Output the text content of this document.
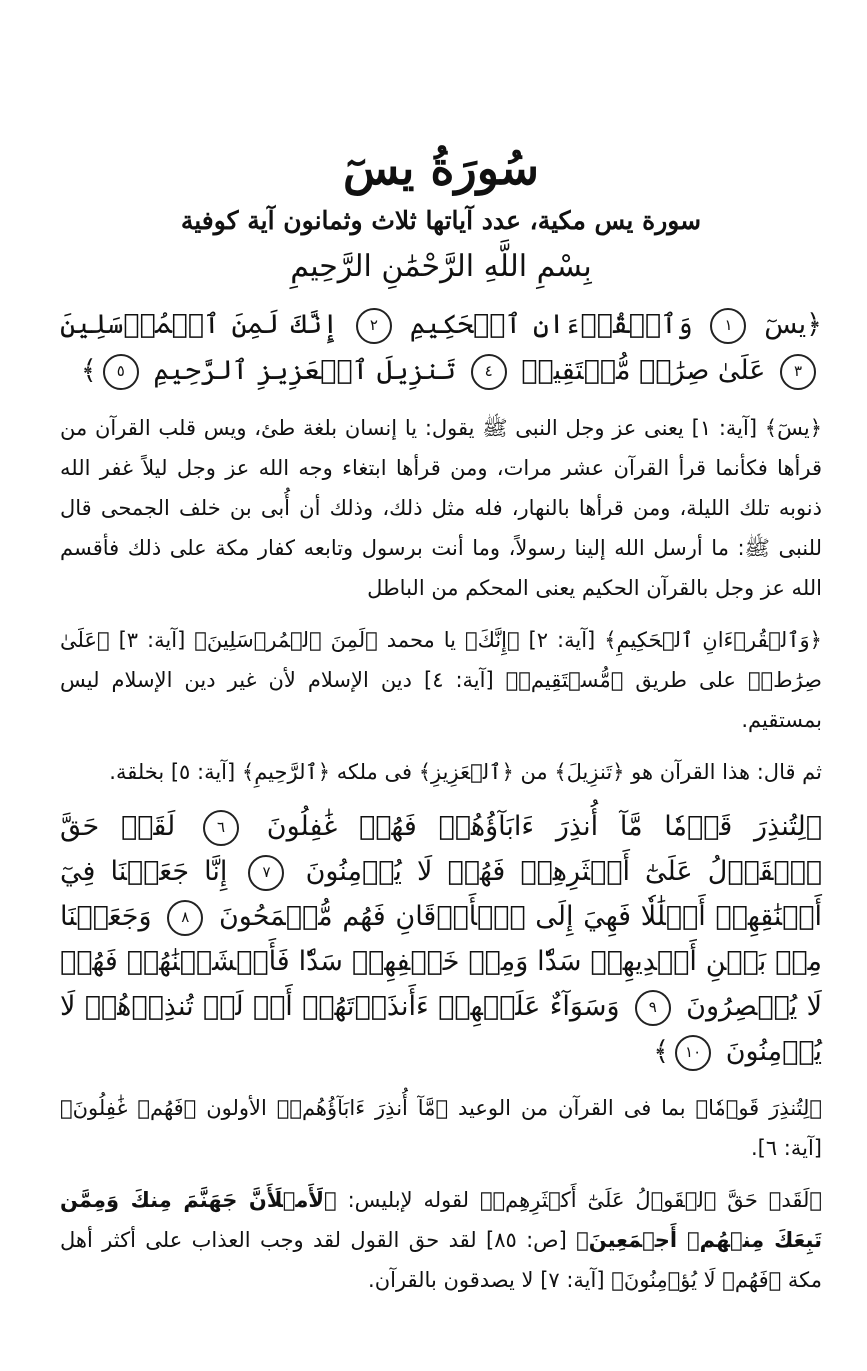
سُورَةُ يسٓ

سورة يس مكية، عدد آياتها ثلاث وثمانون آية كوفية

بِسْمِ اللَّهِ الرَّحْمَٰنِ الرَّحِيمِ

﴿يسٓ ١ وَٱلۡقُرۡءَانِ ٱلۡحَكِيمِ ٢ إِنَّكَ لَمِنَ ٱلۡمُرۡسَلِينَ ٣ عَلَىٰ صِرَٰطٖ مُّسۡتَقِيمٖ ٤ تَنزِيلَ ٱلۡعَزِيزِ ٱلرَّحِيمِ ٥﴾

﴿يسٓ﴾ [آية: ١] يعنى عز وجل النبى ﷺ يقول: يا إنسان بلغة طئ، ويس قلب القرآن من قرأها فكأنما قرأ القرآن عشر مرات، ومن قرأها ابتغاء وجه الله عز وجل ليلاً غفر الله ذنوبه تلك الليلة، ومن قرأها بالنهار، فله مثل ذلك، وذلك أن أُبى بن خلف الجمحى قال للنبى ﷺ: ما أرسل الله إلينا رسولاً، وما أنت برسول وتابعه كفار مكة على ذلك فأقسم الله عز وجل بالقرآن الحكيم يعنى المحكم من الباطل

﴿وَٱلۡقُرۡءَانِ ٱلۡحَكِيمِ﴾ [آية: ٢] ﴿إِنَّكَ﴾ يا محمد ﴿لَمِنَ ٱلۡمُرۡسَلِينَ﴾ [آية: ٣] ﴿عَلَىٰ صِرَٰطٖ﴾ على طريق ﴿مُّسۡتَقِيمٖ﴾ [آية: ٤] دين الإسلام لأن غير دين الإسلام ليس بمستقيم.

ثم قال: هذا القرآن هو ﴿تَنزِيلَ﴾ من ﴿ٱلۡعَزِيزِ﴾ فى ملكه ﴿ٱلرَّحِيمِ﴾ [آية: ٥] بخلقة.

﴿لِتُنذِرَ قَوۡمٗا مَّآ أُنذِرَ ءَابَآؤُهُمۡ فَهُمۡ غَٰفِلُونَ ٦ لَقَدۡ حَقَّ ٱلۡقَوۡلُ عَلَىٰٓ أَكۡثَرِهِمۡ فَهُمۡ لَا يُؤۡمِنُونَ ٧ إِنَّا جَعَلۡنَا فِيٓ أَعۡنَٰقِهِمۡ أَغۡلَٰلٗا فَهِيَ إِلَى ٱلۡأَذۡقَانِ فَهُم مُّقۡمَحُونَ ٨ وَجَعَلۡنَا مِنۢ بَيۡنِ أَيۡدِيهِمۡ سَدّٗا وَمِنۡ خَلۡفِهِمۡ سَدّٗا فَأَغۡشَيۡنَٰهُمۡ فَهُمۡ لَا يُبۡصِرُونَ ٩ وَسَوَآءٌ عَلَيۡهِمۡ ءَأَنذَرۡتَهُمۡ أَمۡ لَمۡ تُنذِرۡهُمۡ لَا يُؤۡمِنُونَ ١٠﴾

﴿لِتُنذِرَ قَوۡمٗا﴾ بما فى القرآن من الوعيد ﴿مَّآ أُنذِرَ ءَابَآؤُهُمۡ﴾ الأولون ﴿فَهُمۡ غَٰفِلُونَ﴾ [آية: ٦].

﴿لَقَدۡ حَقَّ ٱلۡقَوۡلُ عَلَىٰٓ أَكۡثَرِهِمۡ﴾ لقوله لإبليس: ﴿لَأَمۡلَأَنَّ جَهَنَّمَ مِنكَ وَمِمَّن تَبِعَكَ مِنۡهُمۡ أَجۡمَعِينَ﴾ [ص: ٨٥] لقد حق القول لقد وجب العذاب على أكثر أهل مكة ﴿فَهُمۡ لَا يُؤۡمِنُونَ﴾ [آية: ٧] لا يصدقون بالقرآن.
